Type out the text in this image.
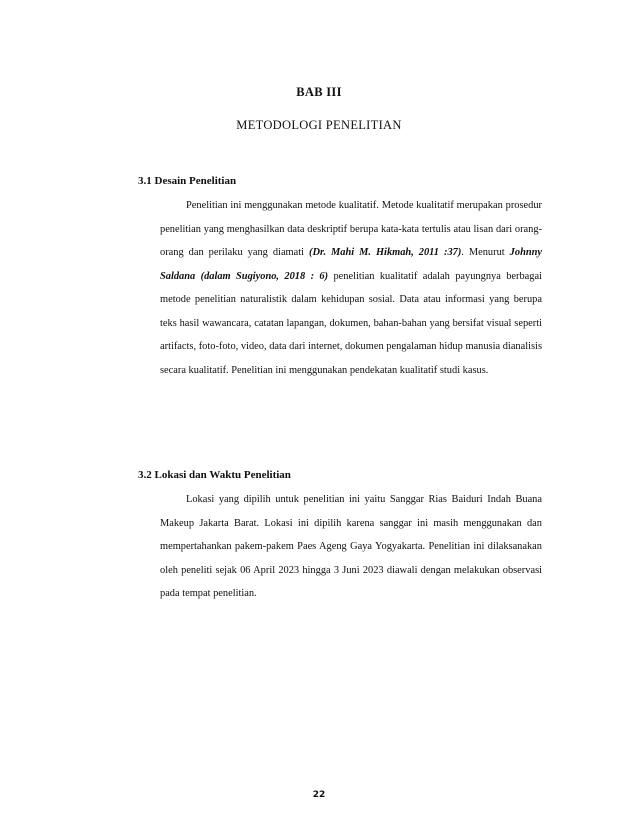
BAB III
METODOLOGI PENELITIAN
3.1 Desain Penelitian
Penelitian ini menggunakan metode kualitatif. Metode kualitatif merupakan prosedur penelitian yang menghasilkan data deskriptif berupa kata-kata tertulis atau lisan dari orang-orang dan perilaku yang diamati (Dr. Mahi M. Hikmah, 2011 :37). Menurut Johnny Saldana (dalam Sugiyono, 2018 : 6) penelitian kualitatif adalah payungnya berbagai metode penelitian naturalistik dalam kehidupan sosial. Data atau informasi yang berupa teks hasil wawancara, catatan lapangan, dokumen, bahan-bahan yang bersifat visual seperti artifacts, foto-foto, video, data dari internet, dokumen pengalaman hidup manusia dianalisis secara kualitatif. Penelitian ini menggunakan pendekatan kualitatif studi kasus.
3.2 Lokasi dan Waktu Penelitian
Lokasi yang dipilih untuk penelitian ini yaitu Sanggar Rias Baiduri Indah Buana Makeup Jakarta Barat. Lokasi ini dipilih karena sanggar ini masih menggunakan dan mempertahankan pakem-pakem Paes Ageng Gaya Yogyakarta. Penelitian ini dilaksanakan oleh peneliti sejak 06 April 2023 hingga 3 Juni 2023 diawali dengan melakukan observasi pada tempat penelitian.
22
